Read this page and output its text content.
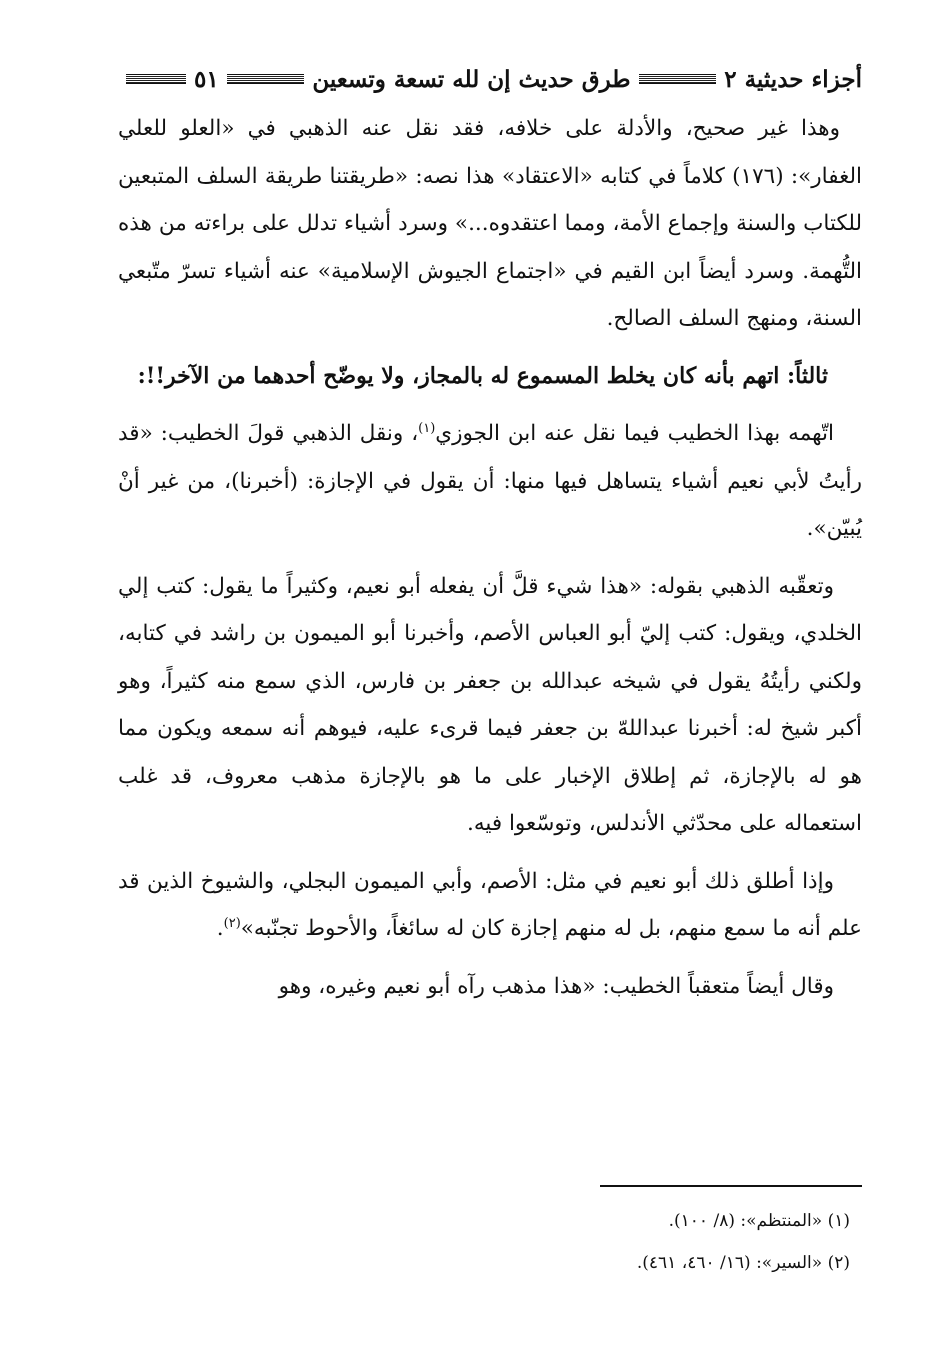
أجزاء حديثية ٢
طرق حديث إن لله تسعة وتسعين
٥١

وهذا غير صحيح، والأدلة على خلافه، فقد نقل عنه الذهبي في «العلو للعلي الغفار»: (١٧٦) كلاماً في كتابه «الاعتقاد» هذا نصه: «طريقتنا طريقة السلف المتبعين للكتاب والسنة وإجماع الأمة، ومما اعتقدوه...» وسرد أشياء تدلل على براءته من هذه التُّهمة. وسرد أيضاً ابن القيم في «اجتماع الجيوش الإسلامية» عنه أشياء تسرّ متّبعي السنة، ومنهج السلف الصالح.

ثالثاً: اتهم بأنه كان يخلط المسموع له بالمجاز، ولا يوضّح أحدهما من الآخر!!:

اتّهمه بهذا الخطيب فيما نقل عنه ابن الجوزي$^{(١)}$، ونقل الذهبي قولَ الخطيب: «قد رأيتُ لأبي نعيم أشياء يتساهل فيها منها: أن يقول في الإجازة: (أخبرنا)، من غير أنْ يُبيّن».

وتعقّبه الذهبي بقوله: «هذا شيء قلَّ أن يفعله أبو نعيم، وكثيراً ما يقول: كتب إلي الخلدي، ويقول: كتب إليّ أبو العباس الأصم، وأخبرنا أبو الميمون بن راشد في كتابه، ولكني رأيتُهُ يقول في شيخه عبدالله بن جعفر بن فارس، الذي سمع منه كثيراً، وهو أكبر شيخ له: أخبرنا عبداللهّ بن جعفر فيما قرىء عليه، فيوهم أنه سمعه ويكون مما هو له بالإجازة، ثم إطلاق الإخبار على ما هو بالإجازة مذهب معروف، قد غلب استعماله على محدّثي الأندلس، وتوسّعوا فيه.

وإذا أطلق ذلك أبو نعيم في مثل: الأصم، وأبي الميمون البجلي، والشيوخ الذين قد علم أنه ما سمع منهم، بل له منهم إجازة كان له سائغاً، والأحوط تجنّبه»$^{(٢)}$.

وقال أيضاً متعقباً الخطيب: «هذا مذهب رآه أبو نعيم وغيره، وهو

(١) «المنتظم»: (٨/ ١٠٠).

(٢) «السير»: (١٦/ ٤٦٠، ٤٦١).
